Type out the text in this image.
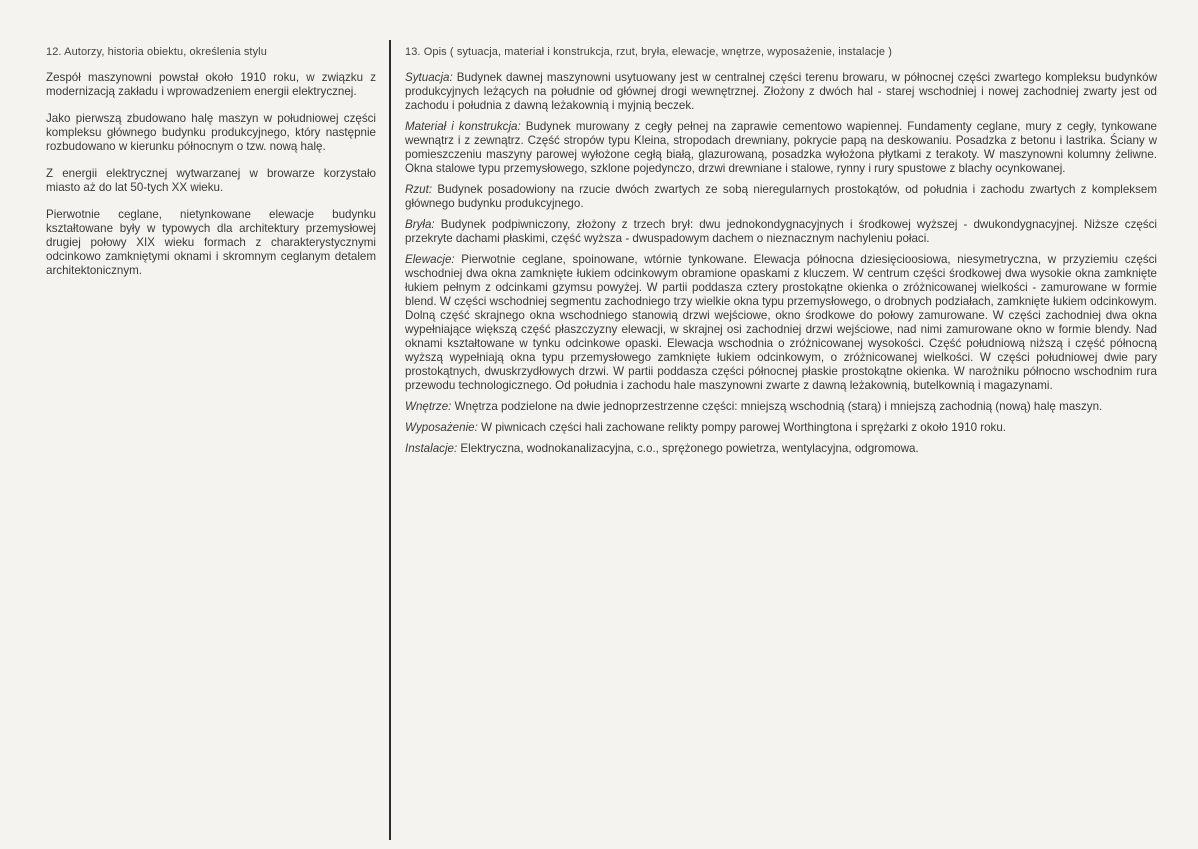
12. Autorzy, historia obiektu, określenia stylu

Zespół maszynowni powstał około 1910 roku, w związku z modernizacją zakładu i wprowadzeniem energii elektrycznej.

Jako pierwszą zbudowano halę maszyn w południowej części kompleksu głównego budynku produkcyjnego, który następnie rozbudowano w kierunku północnym o tzw. nową halę.

Z energii elektrycznej wytwarzanej w browarze korzystało miasto aż do lat 50-tych XX wieku.

Pierwotnie ceglane, nietynkowane elewacje budynku kształtowane były w typowych dla architektury przemysłowej drugiej połowy XIX wieku formach z charakterystycznymi odcinkowo zamkniętymi oknami i skromnym ceglanym detalem architektonicznym.

13. Opis ( sytuacja, materiał i konstrukcja, rzut, bryła, elewacje, wnętrze, wyposażenie, instalacje )

Sytuacja: Budynek dawnej maszynowni usytuowany jest w centralnej części terenu browaru, w północnej części zwartego kompleksu budynków produkcyjnych leżących na południe od głównej drogi wewnętrznej. Złożony z dwóch hal - starej wschodniej i nowej zachodniej zwarty jest od zachodu i południa z dawną leżakownią i myjnią beczek.

Materiał i konstrukcja: Budynek murowany z cegły pełnej na zaprawie cementowo wapiennej. Fundamenty ceglane, mury z cegły, tynkowane wewnątrz i z zewnątrz. Część stropów typu Kleina, stropodach drewniany, pokrycie papą na deskowaniu. Posadzka z betonu i lastrika. Ściany w pomieszczeniu maszyny parowej wyłożone cegłą białą, glazurowaną, posadzka wyłożona płytkami z terakoty. W maszynowni kolumny żeliwne. Okna stalowe typu przemysłowego, szklone pojedynczo, drzwi drewniane i stalowe, rynny i rury spustowe z blachy ocynkowanej.

Rzut: Budynek posadowiony na rzucie dwóch zwartych ze sobą nieregularnych prostokątów, od południa i zachodu zwartych z kompleksem głównego budynku produkcyjnego.

Bryła: Budynek podpiwniczony, złożony z trzech brył: dwu jednokondygnacyjnych i środkowej wyższej - dwukondygnacyjnej. Niższe części przekryte dachami płaskimi, część wyższa - dwuspadowym dachem o nieznacznym nachyleniu połaci.

Elewacje: Pierwotnie ceglane, spoinowane, wtórnie tynkowane. Elewacja północna dziesięcioosiowa, niesymetryczna, w przyziemiu części wschodniej dwa okna zamknięte łukiem odcinkowym obramione opaskami z kluczem. W centrum części środkowej dwa wysokie okna zamknięte łukiem pełnym z odcinkami gzymsu powyżej. W partii poddasza cztery prostokątne okienka o zróżnicowanej wielkości - zamurowane w formie blend. W części wschodniej segmentu zachodniego trzy wielkie okna typu przemysłowego, o drobnych podziałach, zamknięte łukiem odcinkowym. Dolną część skrajnego okna wschodniego stanowią drzwi wejściowe, okno środkowe do połowy zamurowane. W części zachodniej dwa okna wypełniające większą część płaszczyzny elewacji, w skrajnej osi zachodniej drzwi wejściowe, nad nimi zamurowane okno w formie blendy. Nad oknami kształtowane w tynku odcinkowe opaski. Elewacja wschodnia o zróżnicowanej wysokości. Część południową niższą i część północną wyższą wypełniają okna typu przemysłowego zamknięte łukiem odcinkowym, o zróżnicowanej wielkości. W części południowej dwie pary prostokątnych, dwuskrzydłowych drzwi. W partii poddasza części północnej płaskie prostokątne okienka. W narożniku północno wschodnim rura przewodu technologicznego. Od południa i zachodu hale maszynowni zwarte z dawną leżakownią, butelkownią i magazynami.

Wnętrze: Wnętrza podzielone na dwie jednoprzestrzenne części: mniejszą wschodnią (starą) i mniejszą zachodnią (nową) halę maszyn.

Wyposażenie: W piwnicach części hali zachowane relikty pompy parowej Worthingtona i sprężarki z około 1910 roku.

Instalacje: Elektryczna, wodnokanalizacyjna, c.o., sprężonego powietrza, wentylacyjna, odgromowa.
